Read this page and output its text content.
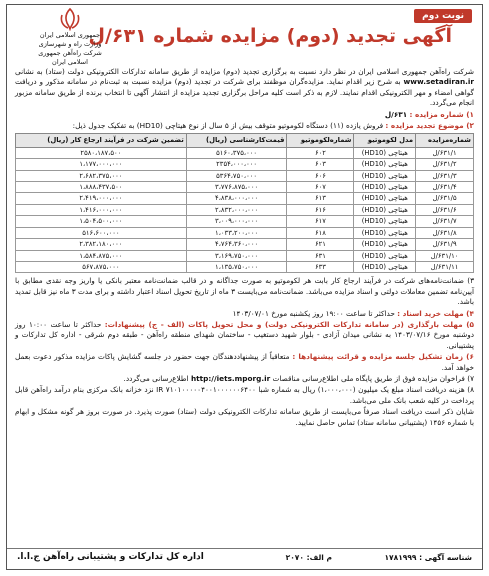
نوبت دوم
آگهی تجدید (دوم) مزایده شماره ۶۳۱/ل
جمهوری اسلامی ایران
وزارت راه و شهرسازی
شرکت راه‌آهن جمهوری
اسلامی ایران

شرکت راه‌آهن جمهوری اسلامی ایران در نظر دارد نسبت به برگزاری تجدید (دوم) مزایده از طریق سامانه تدارکات الکترونیکی دولت (ستاد) به نشانی www.setadiran.ir به شرح زیر اقدام نماید. مزایده‌گران موظفند برای شرکت در تجدید (دوم) مزایده نسبت به ثبت‌نام در سامانه مذکور و دریافت گواهی امضاء و مهر الکترونیکی اقدام نمایند. لازم به ذکر است کلیه مراحل برگزاری تجدید مزایده از انتشار آگهی تا انتخاب برنده از طریق سامانه مزبور انجام می‌گردد.

۱) شماره مزایده : ۶۳۱/ل

۲) موضوع تجدید مزایده : فروش یازده (۱۱) دستگاه لکوموتیو متوقف بیش از ۵ سال از نوع هیتاچی (HD10) به تفکیک جدول ذیل:

شماره‌مزایده	مدل لکوموتیو	شماره‌لکوموتیو	قیمت‌کارشناسی (ریال)	تضمین شرکت در فرآیند ارجاع کار (ریال)
۶۳۱/۱/ل	هیتاچی (HD10)	۶۰۲	۵۱۶۰،۳۷۵،۰۰۰	۲۵۸۰،۱۸۷،۵۰۰
۶۳۱/۲/ل	هیتاچی (HD10)	۶۰۳	۲۳۵۴،۰۰۰،۰۰۰	۱،۱۷۷،۰۰۰،۰۰۰
۶۳۱/۳/ل	هیتاچی (HD10)	۶۰۶	۵۳۶۴،۷۵۰،۰۰۰	۲،۶۸۲،۳۷۵،۰۰۰
۶۳۱/۴/ل	هیتاچی (HD10)	۶۰۷	۳،۷۷۶،۸۷۵،۰۰۰	۱،۸۸۸،۴۳۷،۵۰۰
۶۳۱/۵/ل	هیتاچی (HD10)	۶۱۳	۴،۸۳۸،۰۰۰،۰۰۰	۲،۴۱۹،۰۰۰،۰۰۰
۶۳۱/۶/ل	هیتاچی (HD10)	۶۱۶	۲،۸۳۲،۰۰۰،۰۰۰	۱،۴۱۶،۰۰۰،۰۰۰
۶۳۱/۷/ل	هیتاچی (HD10)	۶۱۷	۳،۰۰۹،۰۰۰،۰۰۰	۱،۵۰۴،۵۰۰،۰۰۰
۶۳۱/۸/ل	هیتاچی (HD10)	۶۱۸	۱،۰۳۳،۲۰۰،۰۰۰	۵۱۶،۶۰۰،۰۰۰
۶۳۱/۹/ل	هیتاچی (HD10)	۶۲۱	۴،۷۶۴،۳۶۰،۰۰۰	۲،۳۸۲،۱۸۰،۰۰۰
۶۳۱/۱۰/ل	هیتاچی (HD10)	۶۳۱	۳،۱۶۹،۷۵۰،۰۰۰	۱،۵۸۴،۸۷۵،۰۰۰
۶۳۱/۱۱/ل	هیتاچی (HD10)	۶۳۳	۱،۱۳۵،۷۵۰،۰۰۰	۵۶۷،۸۷۵،۰۰۰

۳) ضمانت‌نامه‌های شرکت در فرآیند ارجاع کار بابت هر لکوموتیو به صورت جداگانه و در قالب ضمانت‌نامه معتبر بانکی یا واریز وجه نقدی مطابق با آیین‌نامه تضمین معاملات دولتی و اسناد مزایده می‌باشد. ضمانت‌نامه می‌بایست ۳ ماه از تاریخ تحویل اسناد اعتبار داشته و برای مدت ۳ ماه نیز قابل تمدید باشد.

۴) مهلت خرید اسناد : حداکثر تا ساعت ۱۹:۰۰ روز یکشنبه مورخ ۱۴۰۳/۰۷/۰۱

۵) مهلت بارگذاری (در سامانه تدارکات الکترونیکی دولت) و محل تحویل پاکات (الف - ج) پیشنهادات: حداکثر تا ساعت ۱۰:۰۰ روز دوشنبه مورخ ۱۴۰۳/۰۷/۱۶ به نشانی میدان آزادی - بلوار شهید دستغیب - ساختمان شهدای منطقه راه‌آهن - طبقه دوم شرقی - اداره کل تدارکات و پشتیبانی.

۶) زمان تشکیل جلسه مزایده و قرائت پیشنهادها : متعاقباً از پیشنهاددهندگان جهت حضور در جلسه گشایش پاکات مزایده مذکور دعوت بعمل خواهد آمد.

۷) فراخوان مزایده فوق از طریق پایگاه ملی اطلاع‌رسانی مناقصات http://iets.mporg.ir اطلاع‌رسانی می‌گردد.

۸) هزینه دریافت اسناد مبلغ یک میلیون (۱،۰۰۰،۰۰۰) ریال به شماره شبا IR ۷۱۰۱۰۰۰۰۰۴۰۰۱۰۰۰۰۰۰۶۴۰۰ نزد خزانه بانک مرکزی بنام درآمد راه‌آهن قابل پرداخت در کلیه شعب بانک ملی می‌باشد.

شایان ذکر است دریافت اسناد صرفاً می‌بایست از طریق سامانه تدارکات الکترونیکی دولت (ستاد) صورت پذیرد. در صورت بروز هر گونه مشکل و ابهام با شماره ۱۴۵۶ (پشتیبانی سامانه ستاد) تماس حاصل نمایید.

شناسه آگهی : ۱۷۸۱۹۹۹
م الف: ۲۰۷۰
اداره کل تدارکات و پشتیبانی راه‌آهن ج.ا.ا.
